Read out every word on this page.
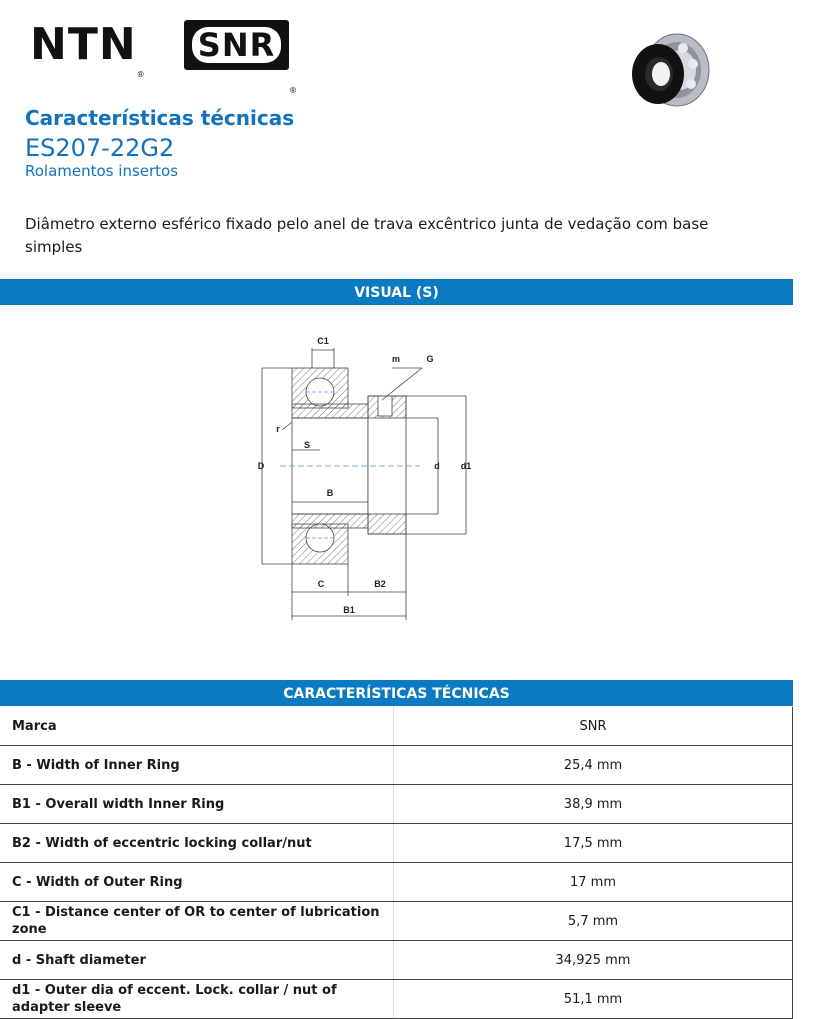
NTN®
SNR
®
Características técnicas
ES207-22G2
Rolamentos insertos
Diâmetro externo esférico fixado pelo anel de trava excêntrico junta de vedação com base simples
VISUAL (S)
C1
m	G
r
S
D
B
d d1
C	B2
B1
CARACTERÍSTICAS TÉCNICAS
Marca	SNR
B - Width of Inner Ring	25,4 mm
B1 - Overall width Inner Ring	38,9 mm
B2 - Width of eccentric locking collar/nut	17,5 mm
C - Width of Outer Ring	17 mm
C1 - Distance center of OR to center of lubrication zone	5,7 mm
d - Shaft diameter	34,925 mm
d1 - Outer dia of eccent. Lock. collar / nut of adapter sleeve	51,1 mm
